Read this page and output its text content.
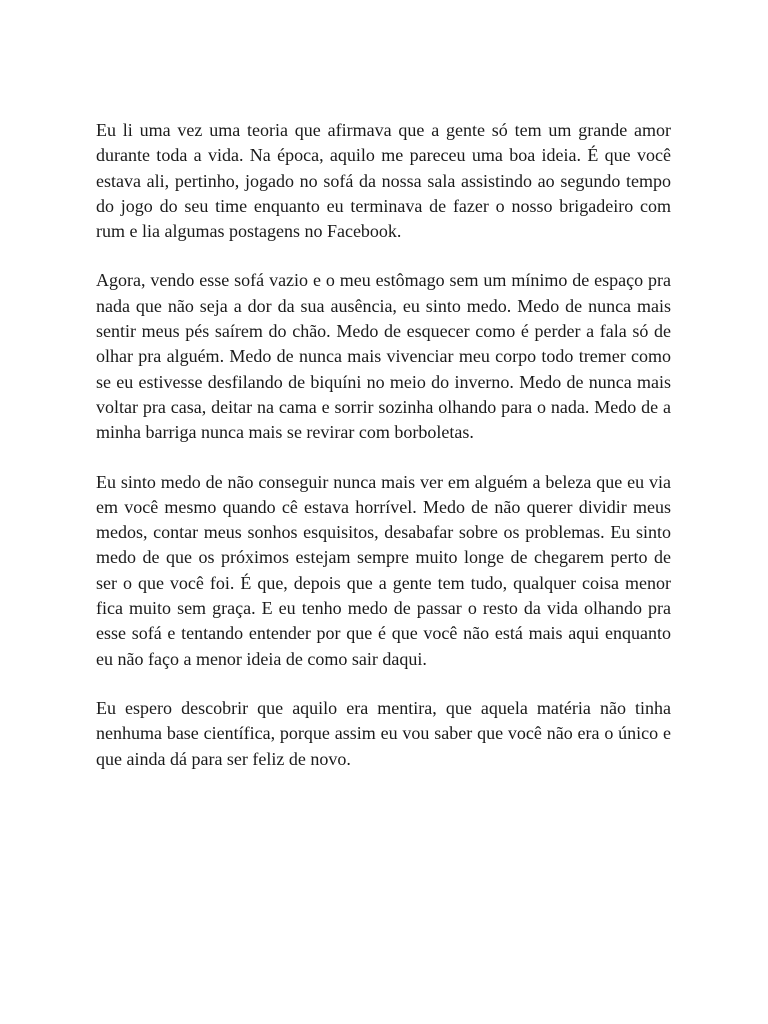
Eu li uma vez uma teoria que afirmava que a gente só tem um grande amor durante toda a vida. Na época, aquilo me pareceu uma boa ideia. É que você estava ali, pertinho, jogado no sofá da nossa sala assistindo ao segundo tempo do jogo do seu time enquanto eu terminava de fazer o nosso brigadeiro com rum e lia algumas postagens no Facebook.

Agora, vendo esse sofá vazio e o meu estômago sem um mínimo de espaço pra nada que não seja a dor da sua ausência, eu sinto medo. Medo de nunca mais sentir meus pés saírem do chão. Medo de esquecer como é perder a fala só de olhar pra alguém. Medo de nunca mais vivenciar meu corpo todo tremer como se eu estivesse desfilando de biquíni no meio do inverno. Medo de nunca mais voltar pra casa, deitar na cama e sorrir sozinha olhando para o nada. Medo de a minha barriga nunca mais se revirar com borboletas.

Eu sinto medo de não conseguir nunca mais ver em alguém a beleza que eu via em você mesmo quando cê estava horrível. Medo de não querer dividir meus medos, contar meus sonhos esquisitos, desabafar sobre os problemas. Eu sinto medo de que os próximos estejam sempre muito longe de chegarem perto de ser o que você foi. É que, depois que a gente tem tudo, qualquer coisa menor fica muito sem graça. E eu tenho medo de passar o resto da vida olhando pra esse sofá e tentando entender por que é que você não está mais aqui enquanto eu não faço a menor ideia de como sair daqui.

Eu espero descobrir que aquilo era mentira, que aquela matéria não tinha nenhuma base científica, porque assim eu vou saber que você não era o único e que ainda dá para ser feliz de novo.
